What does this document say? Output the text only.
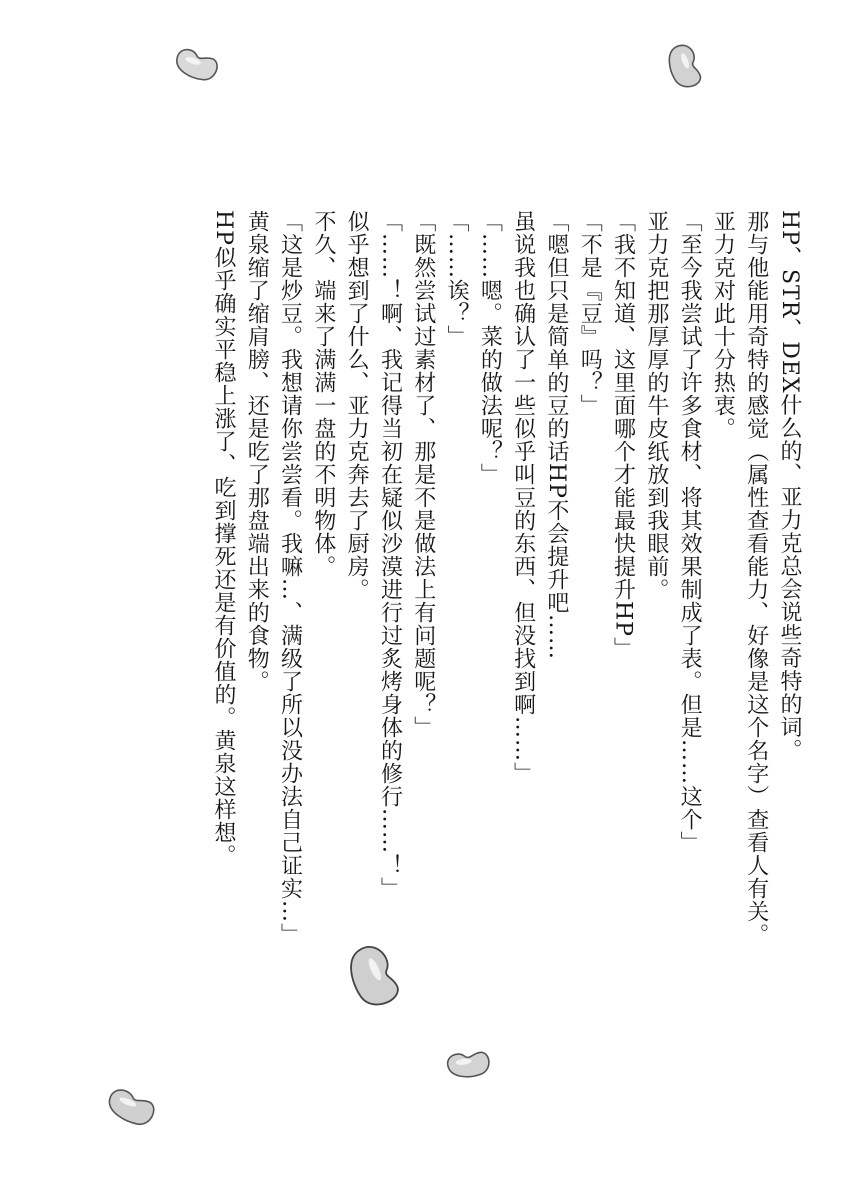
HP、STR、DEX什么的、亚力克总会说些奇特的词。
那与他能用奇特的感觉（属性查看能力、好像是这个名字）查看人有关。
亚力克对此十分热衷。
「至今我尝试了许多食材、将其效果制成了表。但是……这个」
亚力克把那厚厚的牛皮纸放到我眼前。
「我不知道、这里面哪个才能最快提升HP」
「不是『豆』吗？」
「嗯但只是简单的豆的话HP不会提升吧……
虽说我也确认了一些似乎叫豆的东西、但没找到啊……」
「……嗯。菜的做法呢？」
「……诶？」
「既然尝试过素材了、那是不是做法上有问题呢？」
「……！啊、我记得当初在疑似沙漠进行过炙烤身体的修行……！」
似乎想到了什么、亚力克奔去了厨房。
不久、端来了满满一盘的不明物体。
「这是炒豆。我想请你尝尝看。我嘛…、满级了所以没办法自己证实…」
黄泉缩了缩肩膀、还是吃了那盘端出来的食物。
HP似乎确实平稳上涨了、吃到撑死还是有价值的。黄泉这样想。
